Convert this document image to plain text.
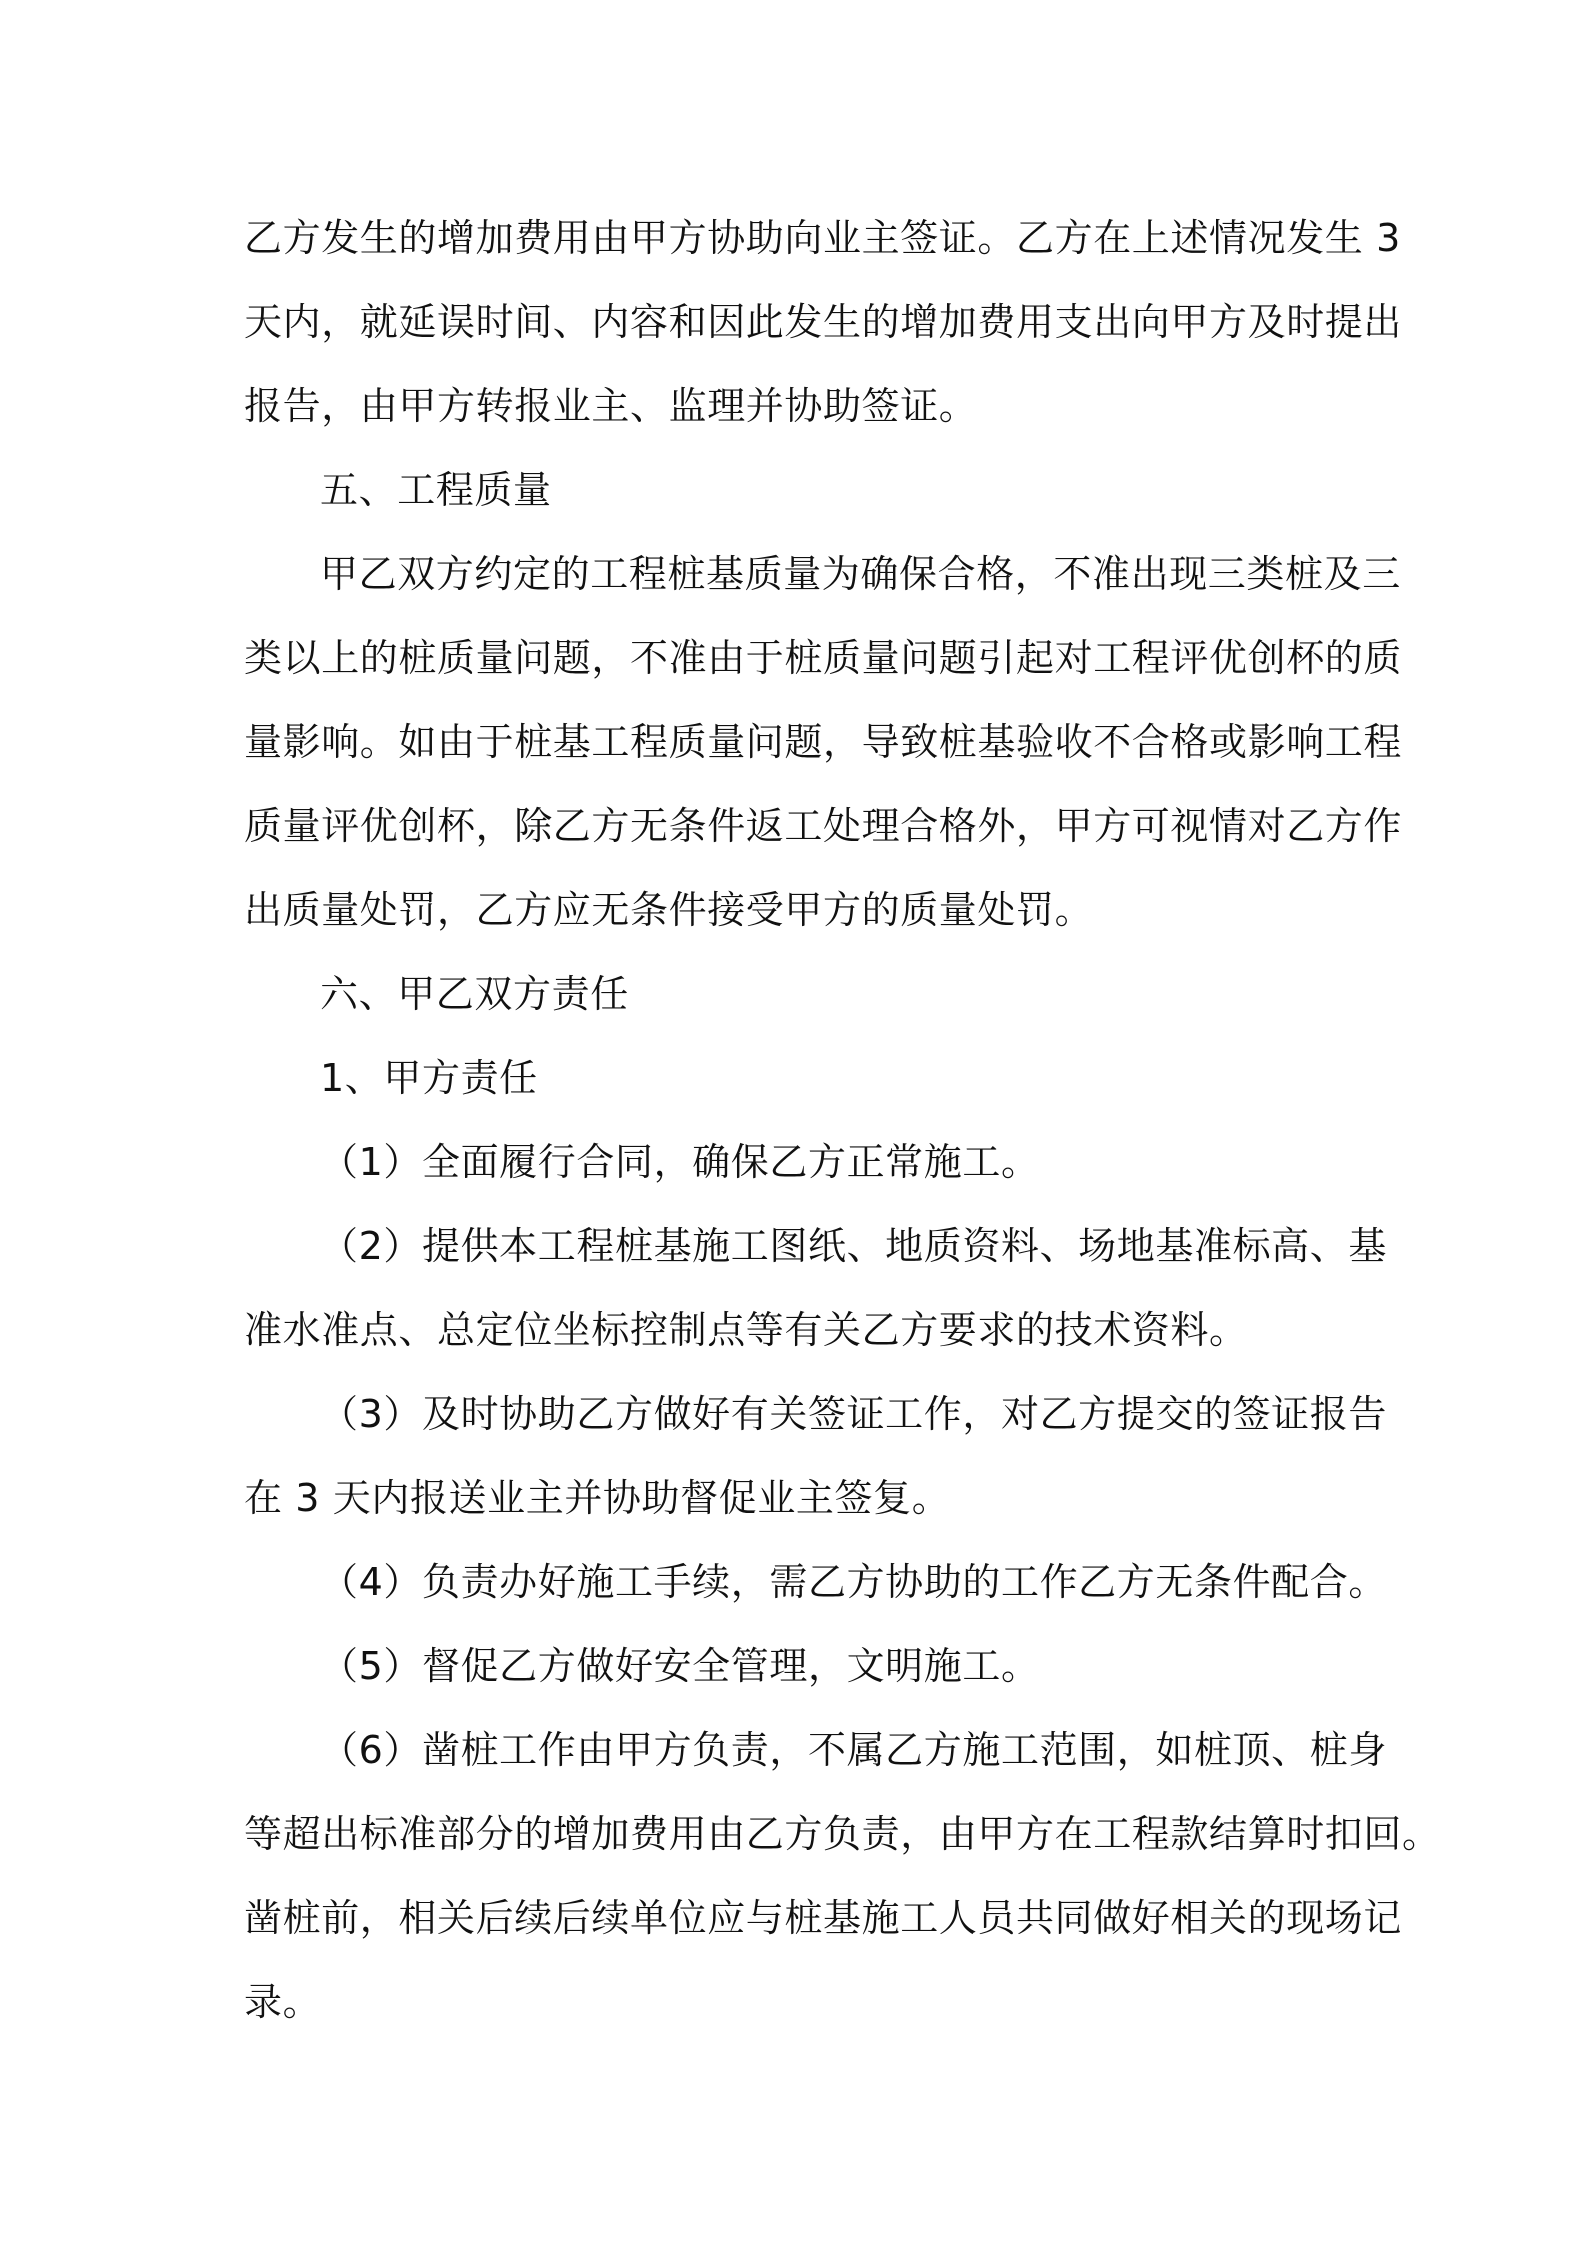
乙方发生的增加费用由甲方协助向业主签证。乙方在上述情况发生 3
天内，就延误时间、内容和因此发生的增加费用支出向甲方及时提出
报告，由甲方转报业主、监理并协助签证。
五、工程质量
甲乙双方约定的工程桩基质量为确保合格，不准出现三类桩及三
类以上的桩质量问题，不准由于桩质量问题引起对工程评优创杯的质
量影响。如由于桩基工程质量问题，导致桩基验收不合格或影响工程
质量评优创杯，除乙方无条件返工处理合格外，甲方可视情对乙方作
出质量处罚，乙方应无条件接受甲方的质量处罚。
六、甲乙双方责任
1、甲方责任
（1）全面履行合同，确保乙方正常施工。
（2）提供本工程桩基施工图纸、地质资料、场地基准标高、基
准水准点、总定位坐标控制点等有关乙方要求的技术资料。
（3）及时协助乙方做好有关签证工作，对乙方提交的签证报告
在 3 天内报送业主并协助督促业主签复。
（4）负责办好施工手续，需乙方协助的工作乙方无条件配合。
（5）督促乙方做好安全管理，文明施工。
（6）凿桩工作由甲方负责，不属乙方施工范围，如桩顶、桩身
等超出标准部分的增加费用由乙方负责，由甲方在工程款结算时扣回。
凿桩前，相关后续后续单位应与桩基施工人员共同做好相关的现场记
录。
